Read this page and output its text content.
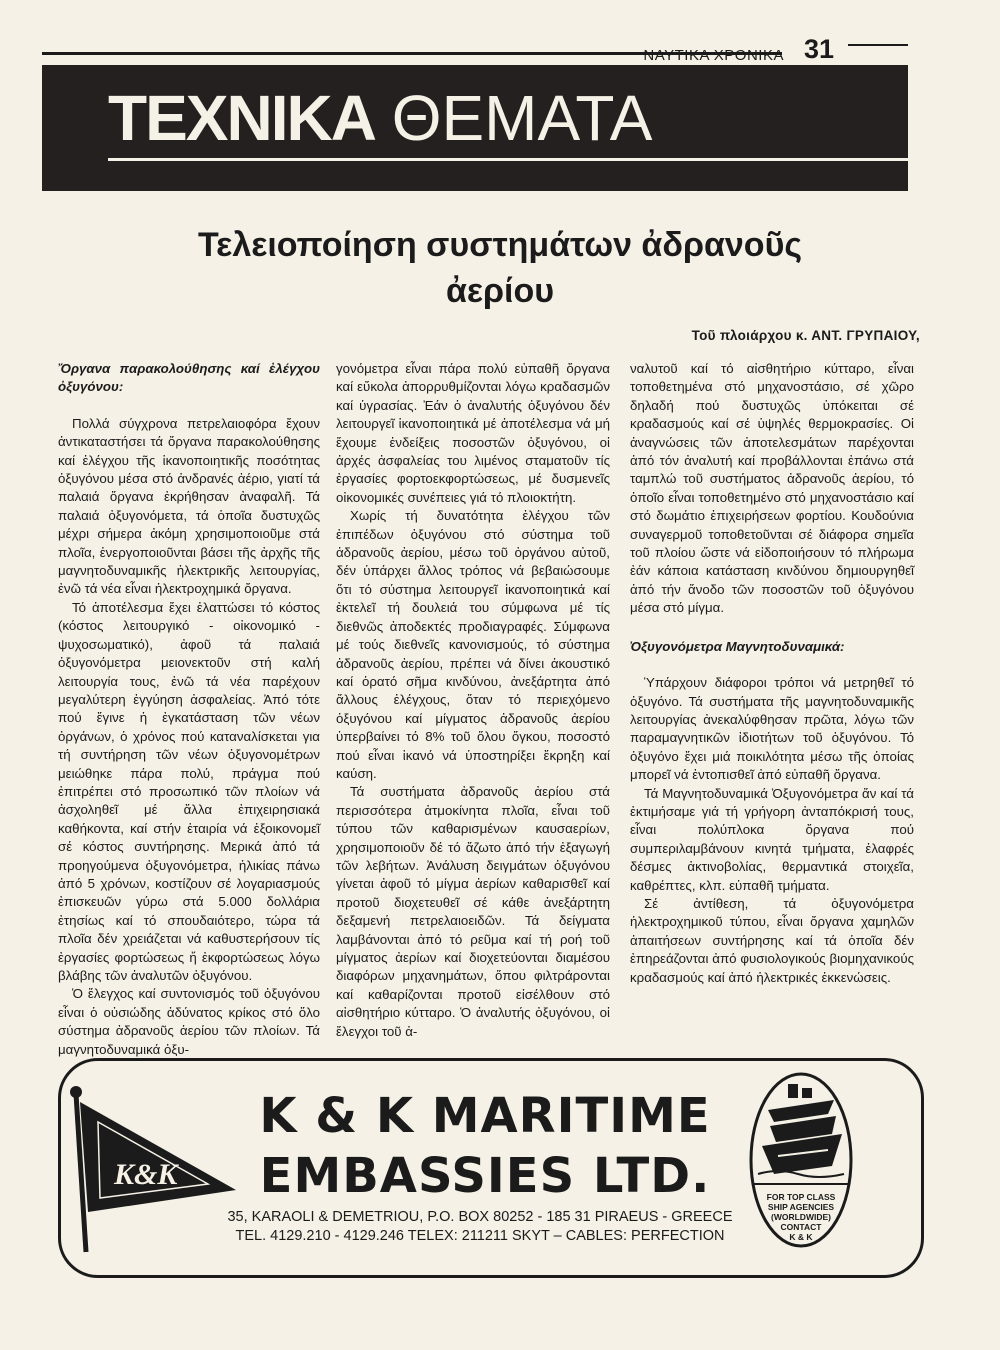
ΝΑΥΤΙΚΑ ΧΡΟΝΙΚΑ 31
ΤΕΧΝΙΚΑ ΘΕΜΑΤΑ
Τελειοποίηση συστημάτων ἀδρανοῦς
ἀερίου
Τοῦ πλοιάρχου κ. ΑΝΤ. ΓΡΥΠΑΙΟΥ,

Ὄργανα παρακολούθησης καί ἐλέγχου ὀξυγόνου:

Πολλά σύγχρονα πετρελαιοφόρα ἔχουν ἀντικαταστήσει τά ὄργανα παρακολούθησης καί ἐλέγχου τῆς ἱκανοποιητικῆς ποσότητας ὀξυγόνου μέσα στό ἀνδρανές ἀέριο, γιατί τά παλαιά ὄργανα ἐκρήθησαν ἀναφαλῆ. Τά παλαιά ὀξυγονόμετα, τά ὁποῖα δυστυχῶς μέχρι σήμερα ἀκόμη χρησιμοποιοῦμε στά πλοῖα, ἐνεργοποιοῦνται βάσει τῆς ἀρχῆς τῆς μαγνητοδυναμικῆς ἡλεκτρικῆς λειτουργίας, ἐνῶ τά νέα εἶναι ἡλεκτροχημικά ὄργανα.

Τό ἀποτέλεσμα ἔχει ἐλαττώσει τό κόστος (κόστος λειτουργικό - οἰκονομικό - ψυχοσωματικό), ἀφοῦ τά παλαιά ὀξυγονόμετρα μειονεκτοῦν στή καλή λειτουργία τους, ἐνῶ τά νέα παρέχουν μεγαλύτερη ἐγγύηση ἀσφαλείας. Ἀπό τότε πού ἔγινε ἡ ἐγκατάσταση τῶν νέων ὀργάνων, ὁ χρόνος πού καταναλίσκεται για τή συντήρηση τῶν νέων ὀξυγονομέτρων μειώθηκε πάρα πολύ, πράγμα πού ἐπιτρέπει στό προσωπικό τῶν πλοίων νά ἀσχοληθεῖ μέ ἄλλα ἐπιχειρησιακά καθήκοντα, καί στήν ἑταιρία νά ἐξοικονομεῖ σέ κόστος συντήρησης. Μερικά ἀπό τά προηγούμενα ὀξυγονόμετρα, ἡλικίας πάνω ἀπό 5 χρόνων, κοστίζουν σέ λογαριασμούς ἐπισκευῶν γύρω στά 5.000 δολλάρια ἐτησίως καί τό σπουδαιότερο, τώρα τά πλοῖα δέν χρειάζεται νά καθυστερήσουν τίς ἐργασίες φορτώσεως ἤ ἐκφορτώσεως λόγω βλάβης τῶν ἀναλυτῶν ὀξυγόνου.

Ὁ ἔλεγχος καί συντονισμός τοῦ ὀξυγόνου εἶναι ὁ οὐσιώδης ἀδύνατος κρίκος στό ὅλο σύστημα ἀδρανοῦς ἀερίου τῶν πλοίων. Τά μαγνητοδυναμικά ὀξυ-

γονόμετρα εἶναι πάρα πολύ εὐπαθῆ ὄργανα καί εὔκολα ἀπορρυθμίζονται λόγω κραδασμῶν καί ὑγρασίας. Ἐάν ὁ ἀναλυτής ὀξυγόνου δέν λειτουργεῖ ἱκανοποιητικά μέ ἀποτέλεσμα νά μή ἔχουμε ἐνδείξεις ποσοστῶν ὀξυγόνου, οἱ ἀρχές ἀσφαλείας του λιμένος σταματοῦν τίς ἐργασίες φορτοεκφορτώσεως, μέ δυσμενεῖς οἰκονομικές συνέπειες γιά τό πλοιοκτήτη.

Χωρίς τή δυνατότητα ἐλέγχου τῶν ἐπιπέδων ὀξυγόνου στό σύστημα τοῦ ἀδρανοῦς ἀερίου, μέσω τοῦ ὀργάνου αὐτοῦ, δέν ὑπάρχει ἄλλος τρόπος νά βεβαιώσουμε ὅτι τό σύστημα λειτουργεῖ ἱκανοποιητικά καί ἐκτελεῖ τή δουλειά του σύμφωνα μέ τίς διεθνῶς ἀποδεκτές προδιαγραφές. Σύμφωνα μέ τούς διεθνεῖς κανονισμούς, τό σύστημα ἀδρανοῦς ἀερίου, πρέπει νά δίνει ἀκουστικό καί ὁρατό σῆμα κινδύνου, ἀνεξάρτητα ἀπό ἄλλους ἐλέγχους, ὅταν τό περιεχόμενο ὀξυγόνου καί μίγματος ἀδρανοῦς ἀερίου ὑπερβαίνει τό 8% τοῦ ὅλου ὄγκου, ποσοστό πού εἶναι ἱκανό νά ὑποστηρίξει ἔκρηξη καί καύση.

Τά συστήματα ἀδρανοῦς ἀερίου στά περισσότερα ἀτμοκίνητα πλοῖα, εἶναι τοῦ τύπου τῶν καθαρισμένων καυσαερίων, χρησιμοποιοῦν δέ τό ἄζωτο ἀπό τήν ἐξαγωγή τῶν λεβήτων. Ἀνάλυση δειγμάτων ὀξυγόνου γίνεται ἀφοῦ τό μίγμα ἀερίων καθαρισθεῖ καί προτοῦ διοχετευθεῖ σέ κάθε ἀνεξάρτητη δεξαμενή πετρελαιοειδῶν. Τά δείγματα λαμβάνονται ἀπό τό ρεῦμα καί τή ροή τοῦ μίγματος ἀερίων καί διοχετεύονται διαμέσου διαφόρων μηχανημάτων, ὅπου φιλτράρονται καί καθαρίζονται προτοῦ εἰσέλθουν στό αἰσθητήριο κύτταρο. Ὁ ἀναλυτής ὀξυγόνου, οἱ ἔλεγχοι τοῦ ἀ-

ναλυτοῦ καί τό αἰσθητήριο κύτταρο, εἶναι τοποθετημένα στό μηχανοστάσιο, σέ χῶρο δηλαδή πού δυστυχῶς ὑπόκειται σέ κραδασμούς καί σέ ὑψηλές θερμοκρασίες. Οἱ ἀναγνώσεις τῶν ἀποτελεσμάτων παρέχονται ἀπό τόν ἀναλυτή καί προβάλλονται ἐπάνω στά ταμπλώ τοῦ συστήματος ἀδρανοῦς ἀερίου, τό ὁποῖο εἶναι τοποθετημένο στό μηχανοστάσιο καί στό δωμάτιο ἐπιχειρήσεων φορτίου. Κουδούνια συναγερμοῦ τοποθετοῦνται σέ διάφορα σημεῖα τοῦ πλοίου ὥστε νά εἰδοποιήσουν τό πλήρωμα ἐάν κάποια κατάσταση κινδύνου δημιουργηθεῖ ἀπό τήν ἄνοδο τῶν ποσοστῶν τοῦ ὀξυγόνου μέσα στό μίγμα.

Ὀξυγονόμετρα Μαγνητοδυναμικά:

Ὑπάρχουν διάφοροι τρόποι νά μετρηθεῖ τό ὀξυγόνο. Τά συστήματα τῆς μαγνητοδυναμικῆς λειτουργίας ἀνεκαλύφθησαν πρῶτα, λόγω τῶν παραμαγνητικῶν ἰδιοτήτων τοῦ ὀξυγόνου. Τό ὀξυγόνο ἔχει μιά ποικιλότητα μέσω τῆς ὁποίας μπορεῖ νά ἐντοπισθεῖ ἀπό εὐπαθῆ ὄργανα.

Τά Μαγνητοδυναμικά Ὀξυγονόμετρα ἄν καί τά ἐκτιμήσαμε γιά τή γρήγορη ἀνταπόκρισή τους, εἶναι πολύπλοκα ὄργανα πού συμπεριλαμβάνουν κινητά τμήματα, ἐλαφρές δέσμες ἀκτινοβολίας, θερμαντικά στοιχεῖα, καθρέπτες, κλπ. εὐπαθῆ τμήματα.

Σέ ἀντίθεση, τά ὀξυγονόμετρα ἡλεκτροχημικοῦ τύπου, εἶναι ὄργανα χαμηλῶν ἀπαιτήσεων συντήρησης καί τά ὁποῖα δέν ἐπηρεάζονται ἀπό φυσιολογικούς βιομηχανικούς κραδασμούς καί ἀπό ἡλεκτρικές ἐκκενώσεις.

K&K
K & K MARITIME
EMBASSIES LTD.
35, KARAOLI & DEMETRIOU, P.O. BOX 80252 - 185 31 PIRAEUS - GREECE
TEL. 4129.210 - 4129.246 TELEX: 211211 SKYT – CABLES: PERFECTION
FOR TOP CLASS
SHIP AGENCIES
(WORLDWIDE)
CONTACT
K & K
